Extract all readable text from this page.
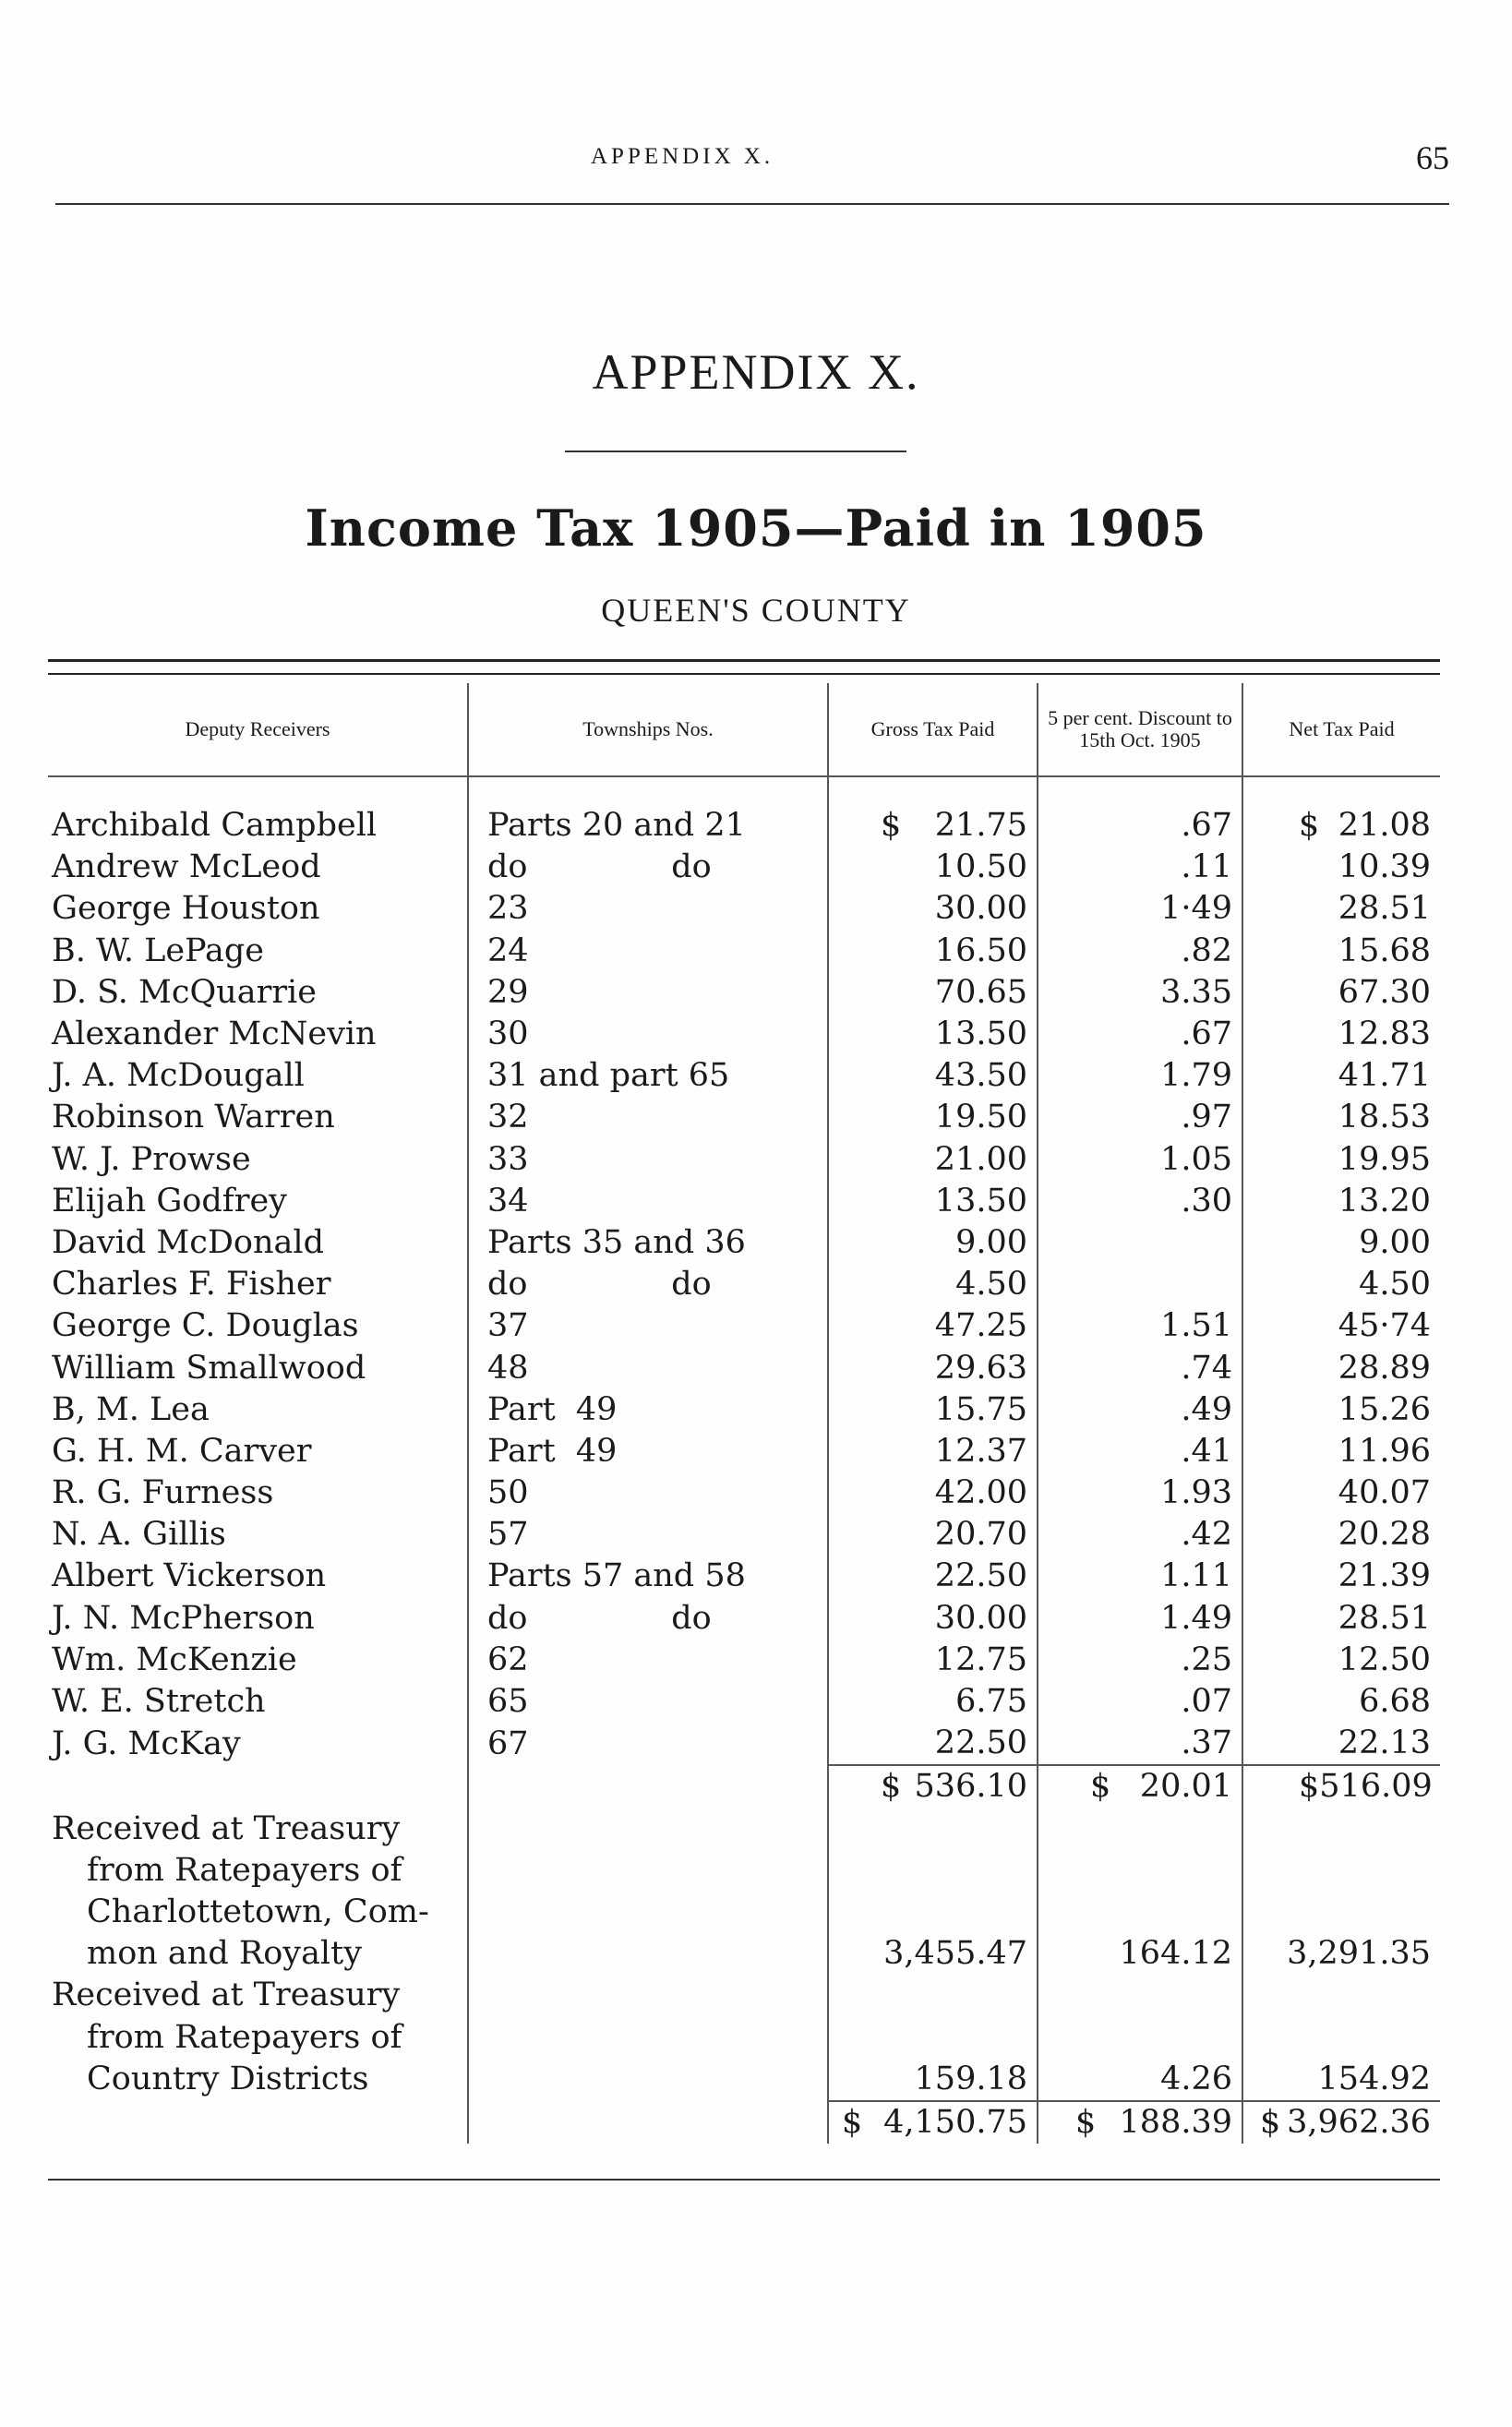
APPENDIX X.	65
APPENDIX X.
Income Tax 1905—Paid in 1905
QUEEN'S COUNTY
Deputy Receivers	Townships Nos.	Gross Tax Paid	5 per cent. Discount to 15th Oct. 1905	Net Tax Paid

Archibald Campbell	Parts 20 and 21	$ 21.75	.67	$ 21.08
Andrew McLeod	do              do	10.50	.11	10.39
George Houston	23	30.00	1·49	28.51
B. W. LePage	24	16.50	.82	15.68
D. S. McQuarrie	29	70.65	3.35	67.30
Alexander McNevin	30	13.50	.67	12.83
J. A. McDougall	31 and part 65	43.50	1.79	41.71
Robinson Warren	32	19.50	.97	18.53
W. J. Prowse	33	21.00	1.05	19.95
Elijah Godfrey	34	13.50	.30	13.20
David McDonald	Parts 35 and 36	9.00		9.00
Charles F. Fisher	do              do	4.50		4.50
George C. Douglas	37	47.25	1.51	45·74
William Smallwood	48	29.63	.74	28.89
B, M. Lea	Part  49	15.75	.49	15.26
G. H. M. Carver	Part  49	12.37	.41	11.96
R. G. Furness	50	42.00	1.93	40.07
N. A. Gillis	57	20.70	.42	20.28
Albert Vickerson	Parts 57 and 58	22.50	1.11	21.39
J. N. McPherson	do              do	30.00	1.49	28.51
Wm. McKenzie	62	12.75	.25	12.50
W. E. Stretch	65	6.75	.07	6.68
J. G. McKay	67	22.50	.37	22.13

		$ 536.10	$ 20.01	$ 516.09
Received at Treasury				

from Ratepayers of				

Charlottetown, Com-				

mon and Royalty		3,455.47	164.12	3,291.35
Received at Treasury				

from Ratepayers of				

Country Districts		159.18	4.26	154.92

		$ 4,150.75	$ 188.39	$ 3,962.36
